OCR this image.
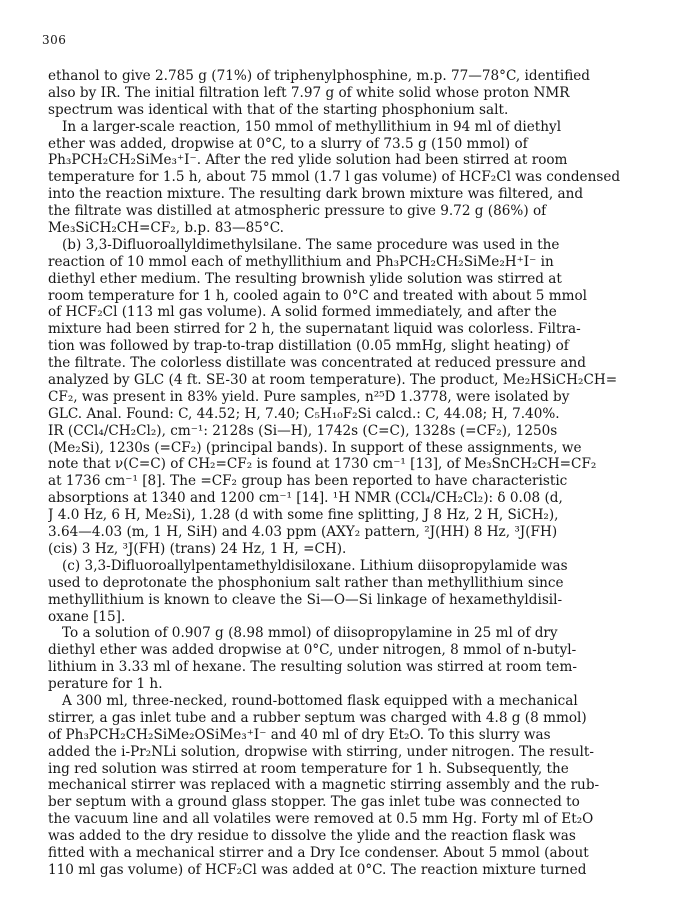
306
ethanol to give 2.785 g (71%) of triphenylphosphine, m.p. 77—78°C, identified
also by IR. The initial filtration left 7.97 g of white solid whose proton NMR
spectrum was identical with that of the starting phosphonium salt.
In a larger-scale reaction, 150 mmol of methyllithium in 94 ml of diethyl
ether was added, dropwise at 0°C, to a slurry of 73.5 g (150 mmol) of
Ph₃PCH₂CH₂SiMe₃⁺I⁻. After the red ylide solution had been stirred at room
temperature for 1.5 h, about 75 mmol (1.7 l gas volume) of HCF₂Cl was condensed
into the reaction mixture. The resulting dark brown mixture was filtered, and
the filtrate was distilled at atmospheric pressure to give 9.72 g (86%) of
Me₃SiCH₂CH=CF₂, b.p. 83—85°C.
(b) 3,3-Difluoroallyldimethylsilane. The same procedure was used in the
reaction of 10 mmol each of methyllithium and Ph₃PCH₂CH₂SiMe₂H⁺I⁻ in
diethyl ether medium. The resulting brownish ylide solution was stirred at
room temperature for 1 h, cooled again to 0°C and treated with about 5 mmol
of HCF₂Cl (113 ml gas volume). A solid formed immediately, and after the
mixture had been stirred for 2 h, the supernatant liquid was colorless. Filtra-
tion was followed by trap-to-trap distillation (0.05 mmHg, slight heating) of
the filtrate. The colorless distillate was concentrated at reduced pressure and
analyzed by GLC (4 ft. SE-30 at room temperature). The product, Me₂HSiCH₂CH=
CF₂, was present in 83% yield. Pure samples, n²⁵D 1.3778, were isolated by
GLC. Anal. Found: C, 44.52; H, 7.40; C₅H₁₀F₂Si calcd.: C, 44.08; H, 7.40%.
IR (CCl₄/CH₂Cl₂), cm⁻¹: 2128s (Si—H), 1742s (C=C), 1328s (=CF₂), 1250s
(Me₂Si), 1230s (=CF₂) (principal bands). In support of these assignments, we
note that ν(C=C) of CH₂=CF₂ is found at 1730 cm⁻¹ [13], of Me₃SnCH₂CH=CF₂
at 1736 cm⁻¹ [8]. The =CF₂ group has been reported to have characteristic
absorptions at 1340 and 1200 cm⁻¹ [14]. ¹H NMR (CCl₄/CH₂Cl₂): δ 0.08 (d,
J 4.0 Hz, 6 H, Me₂Si), 1.28 (d with some fine splitting, J 8 Hz, 2 H, SiCH₂),
3.64—4.03 (m, 1 H, SiH) and 4.03 ppm (AXY₂ pattern, ²J(HH) 8 Hz, ³J(FH)
(cis) 3 Hz, ³J(FH) (trans) 24 Hz, 1 H, =CH).
(c) 3,3-Difluoroallylpentamethyldisiloxane. Lithium diisopropylamide was
used to deprotonate the phosphonium salt rather than methyllithium since
methyllithium is known to cleave the Si—O—Si linkage of hexamethyldisil-
oxane [15].
To a solution of 0.907 g (8.98 mmol) of diisopropylamine in 25 ml of dry
diethyl ether was added dropwise at 0°C, under nitrogen, 8 mmol of n-butyl-
lithium in 3.33 ml of hexane. The resulting solution was stirred at room tem-
perature for 1 h.
A 300 ml, three-necked, round-bottomed flask equipped with a mechanical
stirrer, a gas inlet tube and a rubber septum was charged with 4.8 g (8 mmol)
of Ph₃PCH₂CH₂SiMe₂OSiMe₃⁺I⁻ and 40 ml of dry Et₂O. To this slurry was
added the i-Pr₂NLi solution, dropwise with stirring, under nitrogen. The result-
ing red solution was stirred at room temperature for 1 h. Subsequently, the
mechanical stirrer was replaced with a magnetic stirring assembly and the rub-
ber septum with a ground glass stopper. The gas inlet tube was connected to
the vacuum line and all volatiles were removed at 0.5 mm Hg. Forty ml of Et₂O
was added to the dry residue to dissolve the ylide and the reaction flask was
fitted with a mechanical stirrer and a Dry Ice condenser. About 5 mmol (about
110 ml gas volume) of HCF₂Cl was added at 0°C. The reaction mixture turned
